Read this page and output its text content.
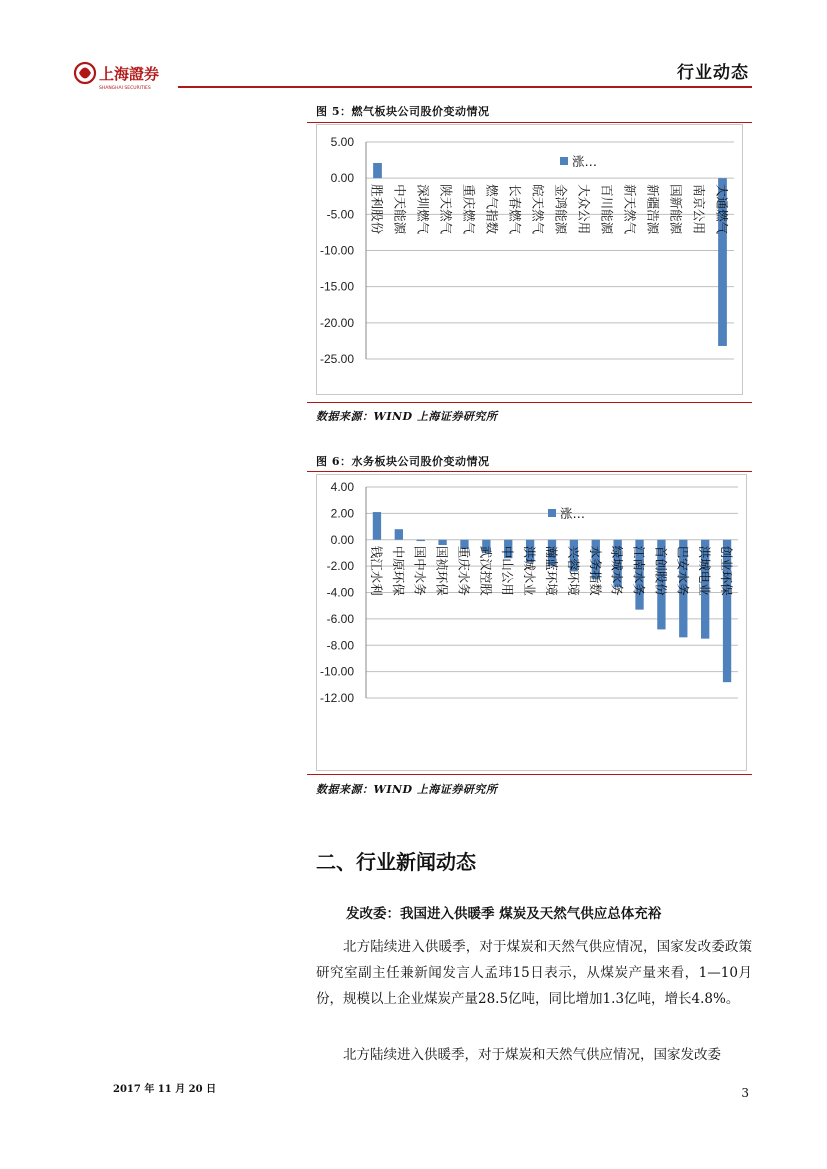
上海證券
SHANGHAI SECURITIES
行业动态
图 5：燃气板块公司股价变动情况
5.00
0.00
-5.00
-10.00
-15.00
-20.00
-25.00
胜利股份 中天能源 深圳燃气 陕天然气 重庆燃气 燃气指数 长春燃气 皖天然气 金鸿能源 大众公用 百川能源 新天然气 新疆浩源 国新能源 南京公用 大通燃气
涨…
数据来源：WIND 上海证券研究所
图 6：水务板块公司股价变动情况
4.00
2.00
0.00
-2.00
-4.00
-6.00
-8.00
-10.00
-12.00
钱江水利 中原环保 国中水务 国祯环保 重庆水务 武汉控股 中山公用 洪城水业 瀚蓝环境 兴蓉环境 水务指数 绿城水务 江南水务 首创股份 巴安水务 洪城电业 创业环保
涨…
数据来源：WIND 上海证券研究所
二、行业新闻动态
发改委：我国进入供暖季 煤炭及天然气供应总体充裕

北方陆续进入供暖季，对于煤炭和天然气供应情况，国家发改委政策研究室副主任兼新闻发言人孟玮15日表示，从煤炭产量来看，1—10月份，规模以上企业煤炭产量28.5亿吨，同比增加1.3亿吨，增长4.8%。

北方陆续进入供暖季，对于煤炭和天然气供应情况，国家发改委

2017 年 11 月 20 日	3
